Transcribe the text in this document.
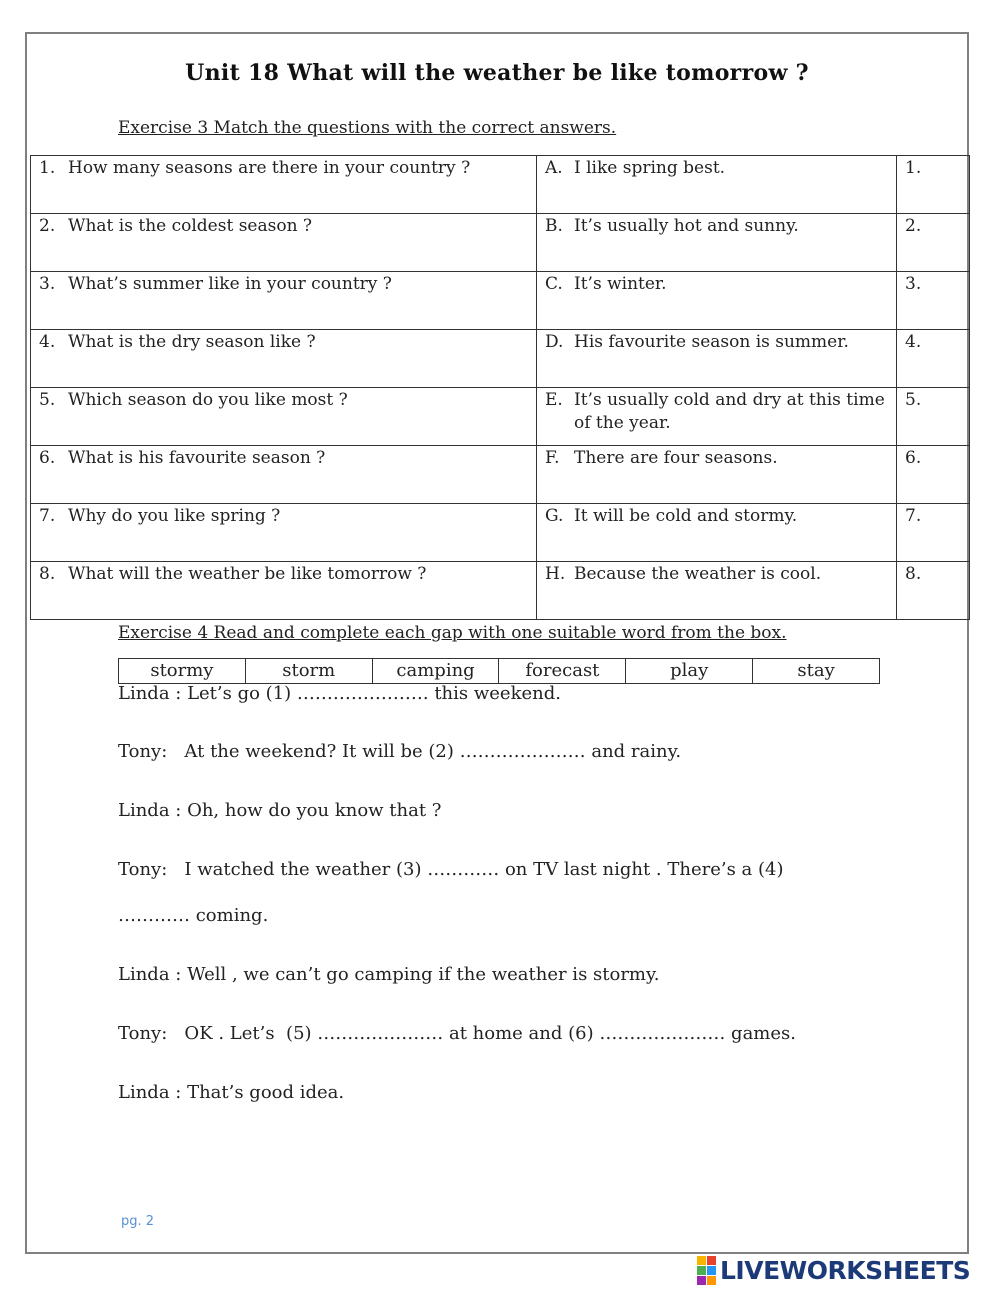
Unit 18 What will the weather be like tomorrow ?
Exercise 3 Match the questions with the correct answers.
1. How many seasons are there in your country ?	A. I like spring best.	1.

2. What is the coldest season ?	B. It’s usually hot and sunny.	2.

3. What’s summer like in your country ?	C. It’s winter.	3.

4. What is the dry season like ?	D. His favourite season is summer.	4.

5. Which season do you like most ?	E. It’s usually cold and dry at this time of the year.	5.

6. What is his favourite season ?	F. There are four seasons.	6.

7. Why do you like spring ?	G. It will be cold and stormy.	7.

8. What will the weather be like tomorrow ?	H. Because the weather is cool.	8.
Exercise 4 Read and complete each gap with one suitable word from the box.
stormy	storm	camping	forecast	play	stay
Linda : Let’s go (1) …………………. this weekend.
Tony:   At the weekend? It will be (2) ………………… and rainy.
Linda : Oh, how do you know that ?
Tony:   I watched the weather (3) ………… on TV last night . There’s a (4)
………… coming.
Linda : Well , we can’t go camping if the weather is stormy.
Tony:   OK . Let’s  (5) ………………… at home and (6) ………………… games.
Linda : That’s good idea.
pg. 2
LIVEWORKSHEETS
